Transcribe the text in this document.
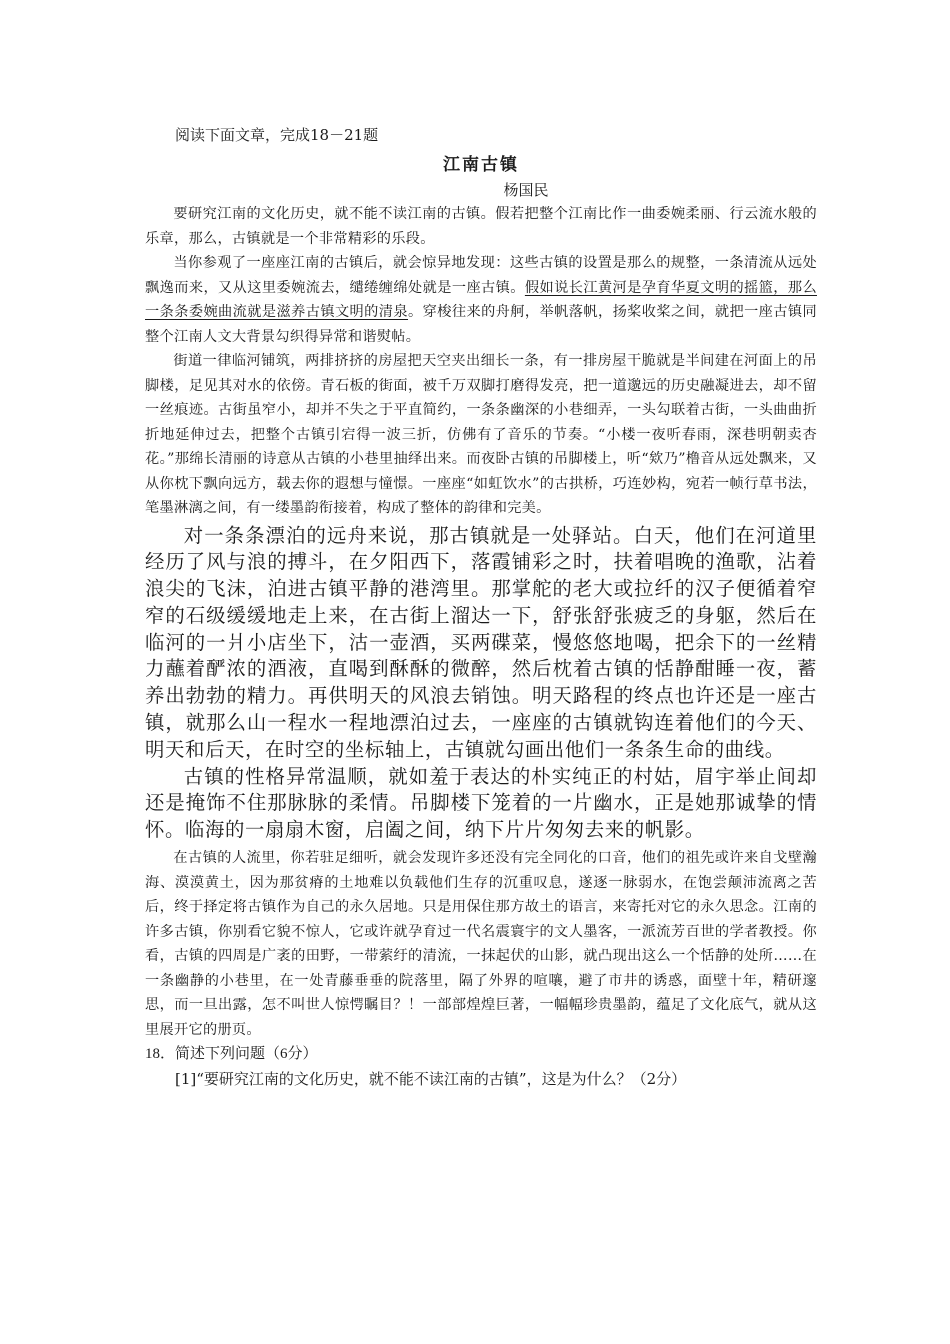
阅读下面文章，完成18－21题

江南古镇

杨国民

要研究江南的文化历史，就不能不读江南的古镇。假若把整个江南比作一曲委婉柔丽、行云流水般的乐章，那么，古镇就是一个非常精彩的乐段。

当你参观了一座座江南的古镇后，就会惊异地发现：这些古镇的设置是那么的规整，一条清流从远处飘逸而来，又从这里委婉流去，缱绻缠绵处就是一座古镇。假如说长江黄河是孕育华夏文明的摇篮，那么一条条委婉曲流就是滋养古镇文明的清泉。穿梭往来的舟舸，举帆落帆，扬桨收桨之间，就把一座古镇同整个江南人文大背景勾织得异常和谐熨帖。

街道一律临河铺筑，两排挤挤的房屋把天空夹出细长一条，有一排房屋干脆就是半间建在河面上的吊脚楼，足见其对水的依傍。青石板的街面，被千万双脚打磨得发亮，把一道邈远的历史融凝进去，却不留一丝痕迹。古街虽窄小，却并不失之于平直简约，一条条幽深的小巷细弄，一头勾联着古街，一头曲曲折折地延伸过去，把整个古镇引宕得一波三折，仿佛有了音乐的节奏。“小楼一夜听春雨，深巷明朝卖杏花。”那绵长清丽的诗意从古镇的小巷里抽绎出来。而夜卧古镇的吊脚楼上，听“欸乃”橹音从远处飘来，又从你枕下飘向远方，载去你的遐想与憧憬。一座座“如虹饮水”的古拱桥，巧连妙构，宛若一帧行草书法，笔墨淋漓之间，有一缕墨韵衔接着，构成了整体的韵律和完美。

对一条条漂泊的远舟来说，那古镇就是一处驿站。白天，他们在河道里经历了风与浪的搏斗，在夕阳西下，落霞铺彩之时，扶着唱晚的渔歌，沾着浪尖的飞沫，泊进古镇平静的港湾里。那掌舵的老大或拉纤的汉子便循着窄窄的石级缓缓地走上来，在古街上溜达一下，舒张舒张疲乏的身躯，然后在临河的一爿小店坐下，沽一壶酒，买两碟菜，慢悠悠地喝，把余下的一丝精力蘸着酽浓的酒液，直喝到酥酥的微醉，然后枕着古镇的恬静酣睡一夜，蓄养出勃勃的精力。再供明天的风浪去销蚀。明天路程的终点也许还是一座古镇，就那么山一程水一程地漂泊过去，一座座的古镇就钩连着他们的今天、明天和后天，在时空的坐标轴上，古镇就勾画出他们一条条生命的曲线。

古镇的性格异常温顺，就如羞于表达的朴实纯正的村姑，眉宇举止间却还是掩饰不住那脉脉的柔情。吊脚楼下笼着的一片幽水，正是她那诚挚的情怀。临海的一扇扇木窗，启阖之间，纳下片片匆匆去来的帆影。

在古镇的人流里，你若驻足细听，就会发现许多还没有完全同化的口音，他们的祖先或许来自戈壁瀚海、漠漠黄土，因为那贫瘠的土地难以负载他们生存的沉重叹息，遂逐一脉弱水，在饱尝颠沛流离之苦后，终于择定将古镇作为自己的永久居地。只是用保住那方故土的语言，来寄托对它的永久思念。江南的许多古镇，你别看它貌不惊人，它或许就孕育过一代名震寰宇的文人墨客，一派流芳百世的学者教授。你看，古镇的四周是广袤的田野，一带萦纡的清流，一抹起伏的山影，就凸现出这么一个恬静的处所……在一条幽静的小巷里，在一处青藤垂垂的院落里，隔了外界的喧嚷，避了市井的诱惑，面壁十年，精研邃思，而一旦出露，怎不叫世人惊愕瞩目？！一部部煌煌巨著，一幅幅珍贵墨韵，蕴足了文化底气，就从这里展开它的册页。

18．简述下列问题（6分）

[1]“要研究江南的文化历史，就不能不读江南的古镇”，这是为什么？（2分）
